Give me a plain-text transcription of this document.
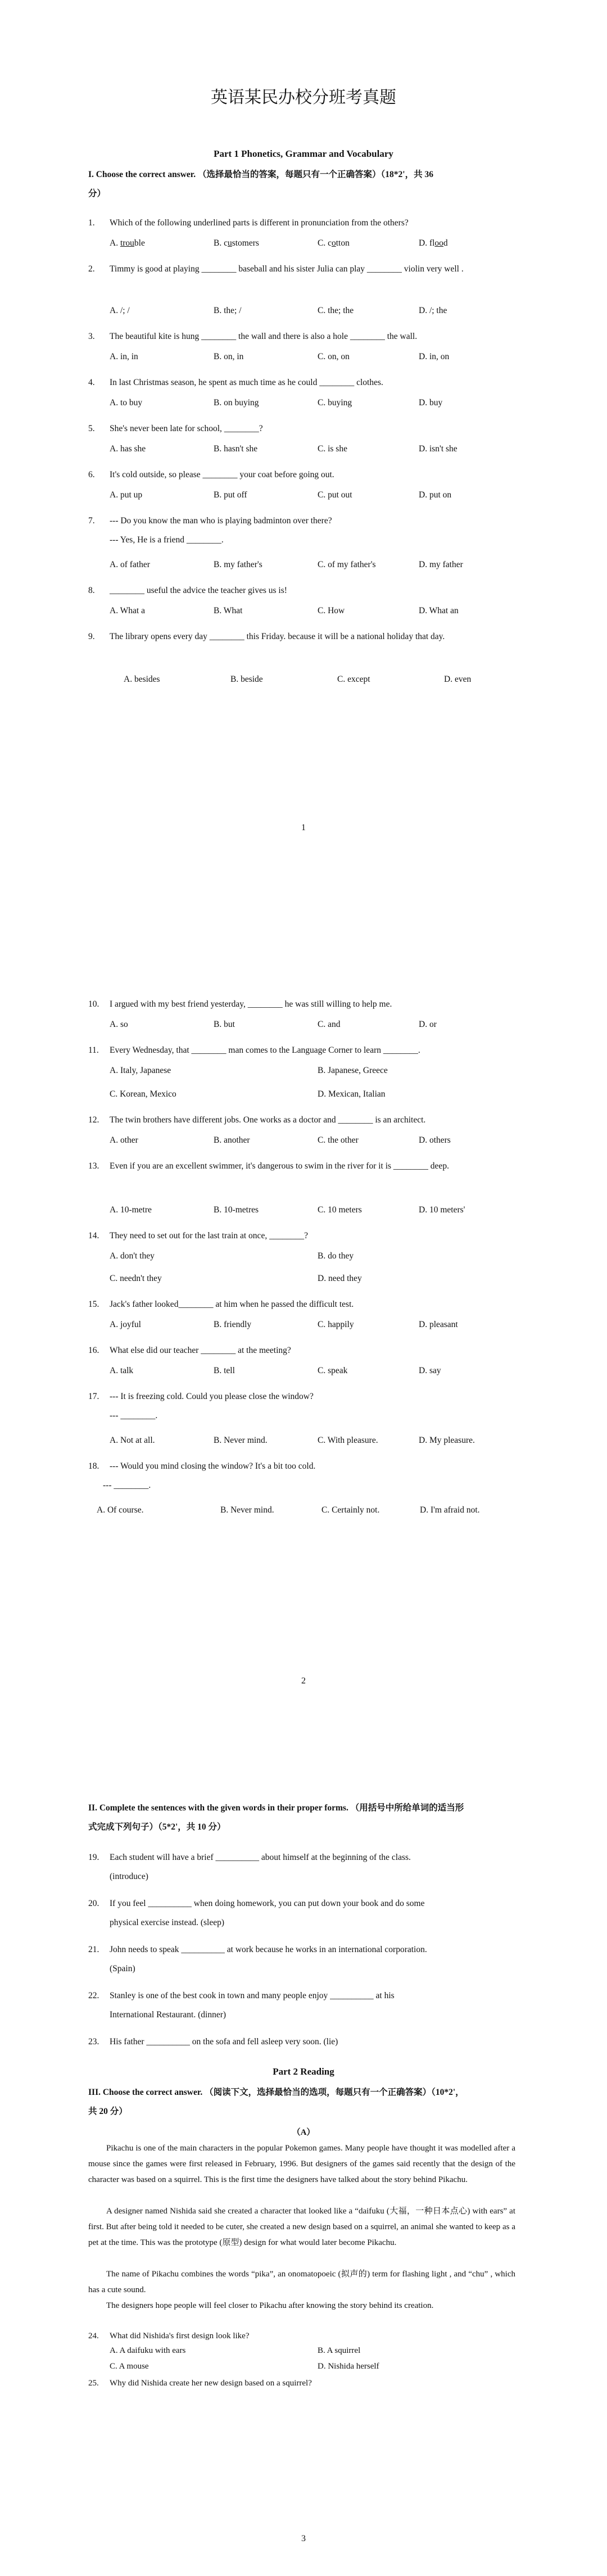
英语某民办校分班考真题
Part 1 Phonetics, Grammar and Vocabulary
I. Choose the correct answer. （选择最恰当的答案，每题只有一个正确答案）（18*2'，共 36
分）
1. Which of the following underlined parts is different in pronunciation from the others?
A. trouble	B. customers	C. cotton	D. flood
2. Timmy is good at playing ________ baseball and his sister Julia can play ________ violin very well .
A. /; /	B. the; /	C. the; the	D. /; the
3. The beautiful kite is hung ________ the wall and there is also a hole ________ the wall.
A. in, in	B. on, in	C. on, on	D. in, on
4. In last Christmas season, he spent as much time as he could ________ clothes.
A. to buy	B. on buying	C. buying	D. buy
5. She's never been late for school, ________?
A. has she	B. hasn't she	C. is she	D. isn't she
6. It's cold outside, so please ________ your coat before going out.
A. put up	B. put off	C. put out	D. put on
7. --- Do you know the man who is playing badminton over there?
--- Yes, He is a friend ________.
A. of father	B. my father's	C. of my father's	D. my father
8. ________ useful the advice the teacher gives us is!
A. What a	B. What	C. How	D. What an
9. The library opens every day ________ this Friday. because it will be a national holiday that day.
A. besides	B. beside	C. except	D. even
1
10. I argued with my best friend yesterday, ________ he was still willing to help me.
A. so	B. but	C. and	D. or
11. Every Wednesday, that ________ man comes to the Language Corner to learn ________.
A. Italy, Japanese	B. Japanese, Greece
C. Korean, Mexico	D. Mexican, Italian
12. The twin brothers have different jobs. One works as a doctor and ________ is an architect.
A. other	B. another	C. the other	D. others
13. Even if you are an excellent swimmer, it's dangerous to swim in the river for it is ________ deep.
A. 10-metre	B. 10-metres	C. 10 meters	D. 10 meters'
14. They need to set out for the last train at once, ________?
A. don't they	B. do they
C. needn't they	D. need they
15. Jack's father looked________ at him when he passed the difficult test.
A. joyful	B. friendly	C. happily	D. pleasant
16. What else did our teacher ________ at the meeting?
A. talk	B. tell	C. speak	D. say
17. --- It is freezing cold. Could you please close the window?
--- ________.
A. Not at all.	B. Never mind.	C. With pleasure.	D. My pleasure.
18. --- Would you mind closing the window? It's a bit too cold.
--- ________.
A. Of course.	B. Never mind.	C. Certainly not.	D. I'm afraid not.
2
II. Complete the sentences with the given words in their proper forms. （用括号中所给单词的适当形
式完成下列句子）（5*2'，共 10 分）
19. Each student will have a brief __________ about himself at the beginning of the class.
(introduce)
20. If you feel __________ when doing homework, you can put down your book and do some
physical exercise instead. (sleep)
21. John needs to speak __________ at work because he works in an international corporation.
(Spain)
22. Stanley is one of the best cook in town and many people enjoy __________ at his
International Restaurant. (dinner)
23. His father __________ on the sofa and fell asleep very soon. (lie)
Part 2 Reading
III. Choose the correct answer. （阅读下文，选择最恰当的选项，每题只有一个正确答案）（10*2'，
共 20 分）
（A）
Pikachu is one of the main characters in the popular Pokemon games. Many people have thought it was modelled after a mouse since the games were first released in February, 1996. But designers of the games said recently that the design of the character was based on a squirrel. This is the first time the designers have talked about the story behind Pikachu.
A designer named Nishida said she created a character that looked like a “daifuku (大福，一种日本点心) with ears” at first. But after being told it needed to be cuter, she created a new design based on a squirrel, an animal she wanted to keep as a pet at the time. This was the prototype (原型) design for what would later become Pikachu.
The name of Pikachu combines the words “pika”, an onomatopoeic (拟声的) term for flashing light , and “chu” , which has a cute sound.
The designers hope people will feel closer to Pikachu after knowing the story behind its creation.
24. What did Nishida's first design look like?
A. A daifuku with ears	B. A squirrel
C. A mouse	D. Nishida herself
25. Why did Nishida create her new design based on a squirrel?
3
